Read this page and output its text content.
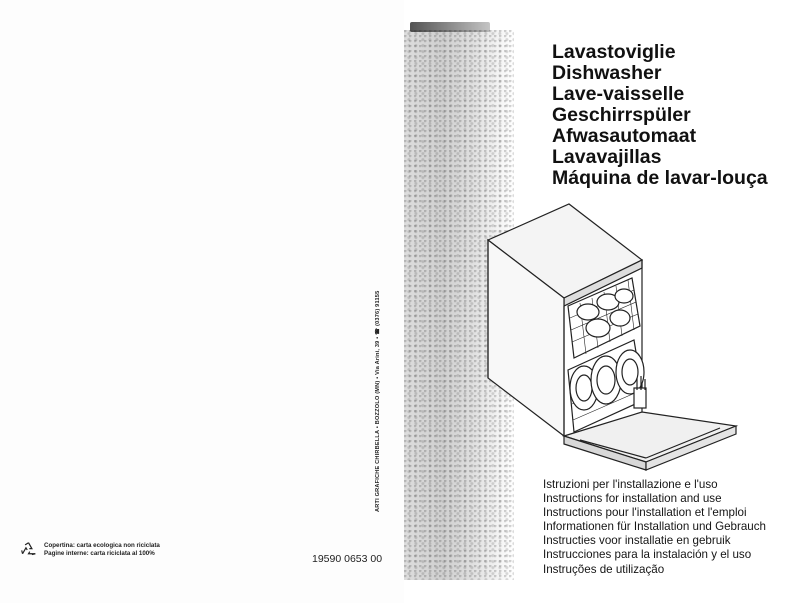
Lavastoviglie
Dishwasher
Lave-vaisselle
Geschirrspüler
Afwasautomaat
Lavavajillas
Máquina de lavar-louça
Istruzioni per l'installazione e l'uso
Instructions for installation and use
Instructions pour l'installation et l'emploi
Informationen für Installation und Gebrauch
Instructies voor installatie en gebruik
Instrucciones para la instalación y el uso
Instruções de utilização
ARTI GRAFICHE CHIRBELLA • BOZZOLO (MN) • Via Arini, 39 • ☎ (0376) 91155
19590 0653 00
Copertina: carta ecologica non riciclata
Pagine interne: carta riciclata al 100%
